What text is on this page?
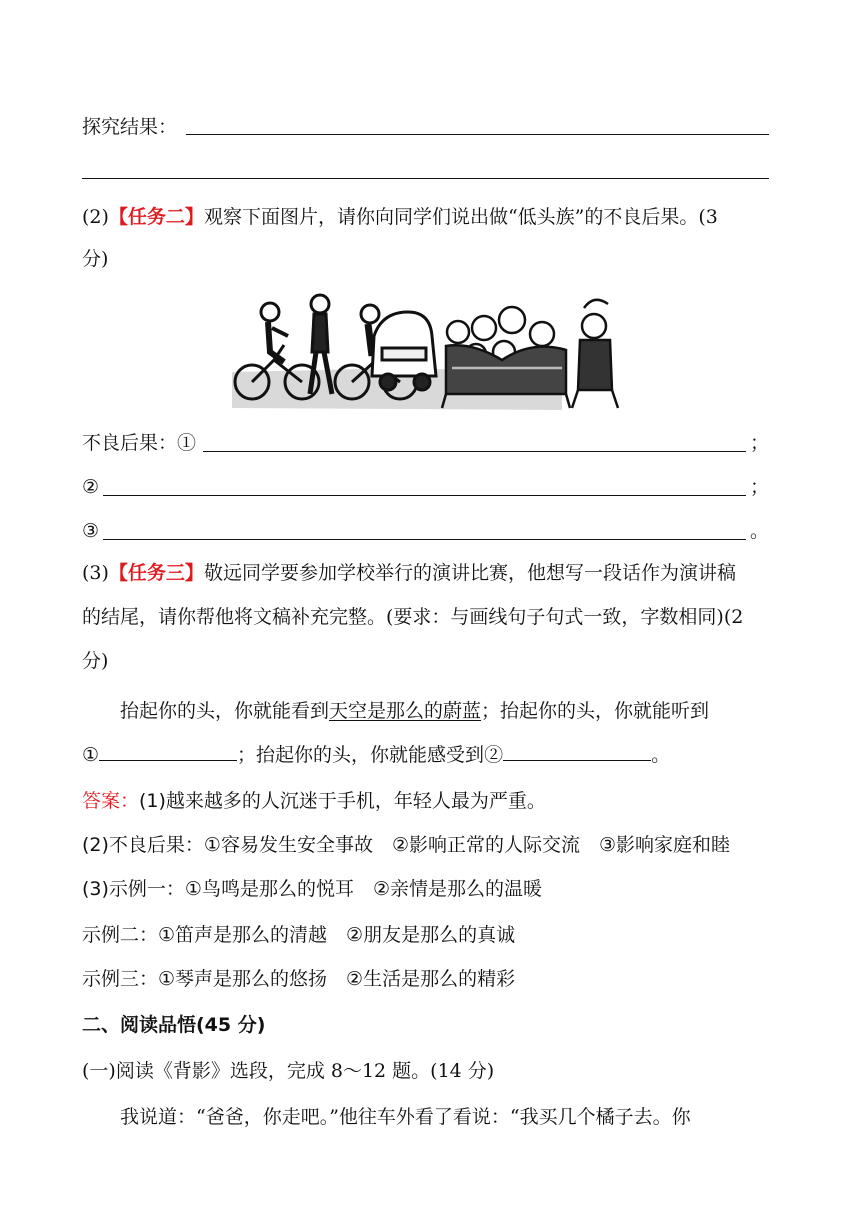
探究结果：
(2)【任务二】观察下面图片，请你向同学们说出做“低头族”的不良后果。(3
分)
不良后果：①	；
②	；
③	。
(3)【任务三】敬远同学要参加学校举行的演讲比赛，他想写一段话作为演讲稿
的结尾，请你帮他将文稿补充完整。(要求：与画线句子句式一致，字数相同)(2
分)
抬起你的头，你就能看到天空是那么的蔚蓝；抬起你的头，你就能听到
①	；抬起你的头，你就能感受到②	。
答案：(1)越来越多的人沉迷于手机，年轻人最为严重。
(2)不良后果：①容易发生安全事故　②影响正常的人际交流　③影响家庭和睦
(3)示例一：①鸟鸣是那么的悦耳　②亲情是那么的温暖
示例二：①笛声是那么的清越　②朋友是那么的真诚
示例三：①琴声是那么的悠扬　②生活是那么的精彩
二、阅读品悟(45 分)
(一)阅读《背影》选段，完成 8～12 题。(14 分)
我说道：“爸爸，你走吧。”他往车外看了看说：“我买几个橘子去。你
